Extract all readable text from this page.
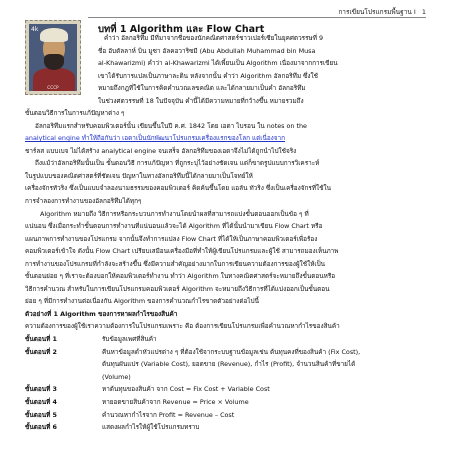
การเขียนโปรแกรมพื้นฐาน I 1
4k
CCCP
บทที่ 1 Algorithm และ Flow Chart
คำว่า อัลกอริทึม มีที่มาจากชื่อของนักคณิตศาสตร์ชาวเปอร์เซียในยุคศตวรรษที่ 9
ชื่อ อับดัลลาห์ บิน มูซา อัลคอวาริซมี (Abu Abdullah Muhammad bin Musa
al-Khawarizmi) คำว่า al-Khawarizmi ได้เพี้ยนเป็น Algorithm เนื่องมาจากการเขียน
เขาได้รับการแปลเป็นภาษาละติน หลังจากนั้น คำว่า Algorithm อัลกอริทึม ซึ่งใช้
หมายถึงกฎที่ใช้ในการคิดคำนวณเลขคณิต และได้กลายมาเป็นคำ อัลกอริทึม
ในช่วงศตวรรษที่ 18 ในปัจจุบัน คำนี้ได้มีความหมายที่กว้างขึ้น หมายรวมถึง
ขั้นตอนวิธีการในการแก้ปัญหาต่าง ๆ
อัลกอริทึมแรกสำหรับคอมพิวเตอร์นั้น เขียนขึ้นในปี ค.ศ. 1842 โดย เอดา ไบรอน ใน notes on the
analytical engine ทำให้ถือกันว่า เอดาเป็นนักพัฒนาโปรแกรมเครื่องแรกของโลก แต่เนื่องจาก
ชาร์ลส แบบเบจ ไม่ได้สร้าง analytical engine จนเสร็จ อัลกอริทึมของเอดาจึงไม่ได้ถูกนำไปใช้จริง
ถึงแม้ว่าอัลกอริทึมนั้นเป็น ขั้นตอนวิธี การแก้ปัญหา ที่ถูกระบุไว้อย่างชัดเจน แต่ก็ขาดรูปแบบการวิเคราะห์
ในรูปแบบของคณิตศาสตร์ที่ชัดเจน ปัญหาในทางอัลกอริทึมนี้ได้กลายมาเป็นโจทย์ให้
เครื่องจักรทัวริง ซึ่งเป็นแบบจำลองนามธรรมของคอมพิวเตอร์ คิดค้นขึ้นโดย แอลัน ทัวริง ซึ่งเป็นเครื่องจักรที่ใช้ใน
การจำลองการทำงานของอัลกอริทึมได้ทุกๆ
Algorithm หมายถึง วิธีการหรือกระบวนการทำงานโดยนำผลที่สามารถแบ่งขั้นตอนออกเป็นข้อ ๆ ที่
แน่นอน ซึ่งเมื่อกระทำขั้นตอนการทำงานที่แน่นอนแล้วจะได้ Algorithm ที่ได้นั้นนำมาเขียน Flow Chart หรือ
แผนภาพการทำงานของโปรแกรม จากนั้นจึงทำการแปลง Flow Chart ที่ได้ให้เป็นภาษาคอมพิวเตอร์เพื่อร้อง
คอมพิวเตอร์เข้าใจ ดังนั้น Flow Chart เปรียบเสมือนเครื่องมือที่ทำให้ผู้เขียนโปรแกรมและผู้ใช้ สามารถมองเห็นภาพ
การทำงานของโปรแกรมที่กำลังจะสร้างขึ้น ซึ่งมีความสำคัญอย่างมากในการเขียนความต้องการของผู้ใช้ให้เป็น
ขั้นตอนย่อย ๆ ที่เราจะต้องบอกให้คอมพิวเตอร์ทำงาน ทำว่า Algorithm ในทางคณิตศาสตร์จะหมายถึงขั้นตอนหรือ
วิธีการคำนวณ สำหรับในการเขียนโปรแกรมคอมพิวเตอร์ Algorithm จะหมายถึงวิธีการที่ได้แบ่งออกเป็นขั้นตอน
ย่อย ๆ ที่มีการทำงานต่อเนื่องกัน Algorithm ของการคำนวณกำไรขาดตัวอย่างต่อไปนี้
ตัวอย่างที่ 1 Algorithm ของการหาผลกำไรของสินค้า
ความต้องการของผู้ใช้เราความต้องการในโปรแกรมเพราะ คือ ต้องการเขียนโปรแกรมเพื่อคำนวณหากำไรของสินค้า
ขั้นตอนที่ 1	รับข้อมูลเพศที่สินค้า
ขั้นตอนที่ 2	คืนหาข้อมูลดำหัวแปรต่าง ๆ ที่ต้องใช้จากระบบฐานข้อมูลเช่น ต้นทุนคงที่ของสินค้า (Fix Cost),
ต้นทุนผันแปร (Variable Cost), ยอดขาย (Revenue), กำไร (Profit), จำนวนสินค้าที่ขายได้
(Volume)
ขั้นตอนที่ 3	หาต้นทุนของสินค้า จาก Cost = Fix Cost + Variable Cost
ขั้นตอนที่ 4	หายอดขายสินค้าจาก Revenue = Price × Volume
ขั้นตอนที่ 5	คำนวณหากำไรจาก Profit = Revenue – Cost
ขั้นตอนที่ 6	แสดงผลกำไรให้ผู้ใช้โปรแกรมทราบ
